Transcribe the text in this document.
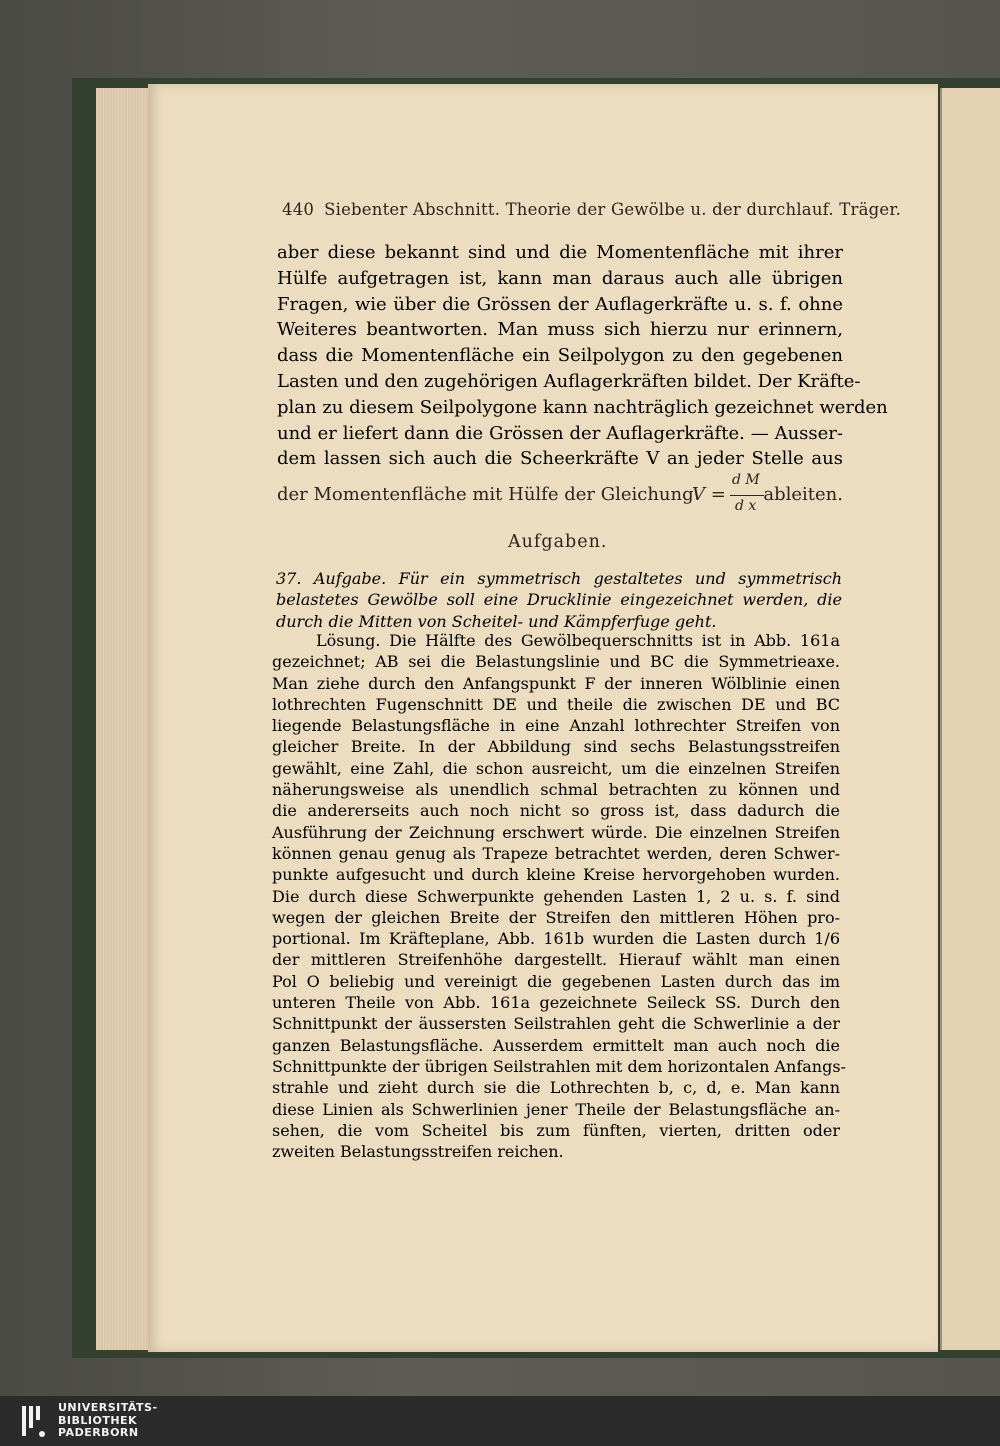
440 Siebenter Abschnitt. Theorie der Gewölbe u. der durchlauf. Träger.
aber diese bekannt sind und die Momentenfläche mit ihrer
Hülfe aufgetragen ist, kann man daraus auch alle übrigen
Fragen, wie über die Grössen der Auflagerkräfte u. s. f. ohne
Weiteres beantworten. Man muss sich hierzu nur erinnern,
dass die Momentenfläche ein Seilpolygon zu den gegebenen
Lasten und den zugehörigen Auflagerkräften bildet. Der Kräfte-
plan zu diesem Seilpolygone kann nachträglich gezeichnet werden
und er liefert dann die Grössen der Auflagerkräfte. — Ausser-
dem lassen sich auch die Scheerkräfte V an jeder Stelle aus
der Momentenfläche mit Hülfe der Gleichung
V =
d M
d x
ableiten.
Aufgaben.
37. Aufgabe. Für ein symmetrisch gestaltetes und symmetrisch
belastetes Gewölbe soll eine Drucklinie eingezeichnet werden, die
durch die Mitten von Scheitel- und Kämpferfuge geht.
Lösung. Die Hälfte des Gewölbequerschnitts ist in Abb. 161a
gezeichnet; AB sei die Belastungslinie und BC die Symmetrieaxe.
Man ziehe durch den Anfangspunkt F der inneren Wölblinie einen
lothrechten Fugenschnitt DE und theile die zwischen DE und BC
liegende Belastungsfläche in eine Anzahl lothrechter Streifen von
gleicher Breite. In der Abbildung sind sechs Belastungsstreifen
gewählt, eine Zahl, die schon ausreicht, um die einzelnen Streifen
näherungsweise als unendlich schmal betrachten zu können und
die andererseits auch noch nicht so gross ist, dass dadurch die
Ausführung der Zeichnung erschwert würde. Die einzelnen Streifen
können genau genug als Trapeze betrachtet werden, deren Schwer-
punkte aufgesucht und durch kleine Kreise hervorgehoben wurden.
Die durch diese Schwerpunkte gehenden Lasten 1, 2 u. s. f. sind
wegen der gleichen Breite der Streifen den mittleren Höhen pro-
portional. Im Kräfteplane, Abb. 161b wurden die Lasten durch 1/6
der mittleren Streifenhöhe dargestellt. Hierauf wählt man einen
Pol O beliebig und vereinigt die gegebenen Lasten durch das im
unteren Theile von Abb. 161a gezeichnete Seileck SS. Durch den
Schnittpunkt der äussersten Seilstrahlen geht die Schwerlinie a der
ganzen Belastungsfläche. Ausserdem ermittelt man auch noch die
Schnittpunkte der übrigen Seilstrahlen mit dem horizontalen Anfangs-
strahle und zieht durch sie die Lothrechten b, c, d, e. Man kann
diese Linien als Schwerlinien jener Theile der Belastungsfläche an-
sehen, die vom Scheitel bis zum fünften, vierten, dritten oder
zweiten Belastungsstreifen reichen.
UNIVERSITÄTS-
BIBLIOTHEK
PADERBORN
